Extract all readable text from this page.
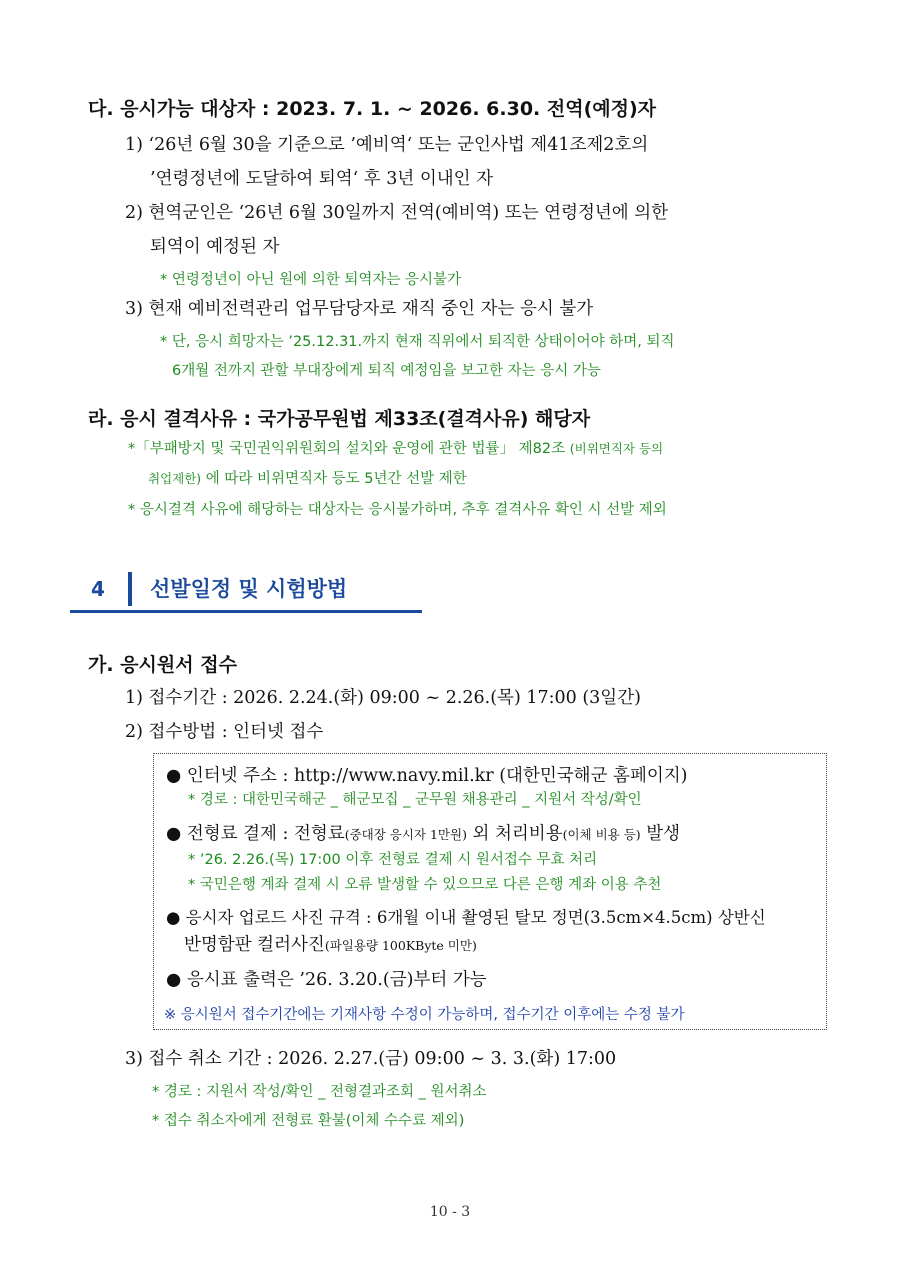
다. 응시가능 대상자 : 2023. 7. 1. ~ 2026. 6.30. 전역(예정)자
1) ‘26년 6월 30을 기준으로 ’예비역‘ 또는 군인사법 제41조제2호의
’연령정년에 도달하여 퇴역‘ 후 3년 이내인 자
2) 현역군인은 ‘26년 6월 30일까지 전역(예비역) 또는 연령정년에 의한
퇴역이 예정된 자
* 연령정년이 아닌 원에 의한 퇴역자는 응시불가
3) 현재 예비전력관리 업무담당자로 재직 중인 자는 응시 불가
* 단, 응시 희망자는 ’25.12.31.까지 현재 직위에서 퇴직한 상태이어야 하며, 퇴직
6개월 전까지 관할 부대장에게 퇴직 예정임을 보고한 자는 응시 가능
라. 응시 결격사유 : 국가공무원법 제33조(결격사유) 해당자
*「부패방지 및 국민권익위원회의 설치와 운영에 관한 법률」 제82조 (비위면직자 등의
취업제한) 에 따라 비위면직자 등도 5년간 선발 제한
* 응시결격 사유에 해당하는 대상자는 응시불가하며, 추후 결격사유 확인 시 선발 제외
4	선발일정 및 시험방법
가. 응시원서 접수
1) 접수기간 : 2026. 2.24.(화) 09:00 ~ 2.26.(목) 17:00 (3일간)
2) 접수방법 : 인터넷 접수
● 인터넷 주소 : http://www.navy.mil.kr (대한민국해군 홈페이지)
* 경로 : 대한민국해군 _ 해군모집 _ 군무원 채용관리 _ 지원서 작성/확인
● 전형료 결제 : 전형료(중대장 응시자 1만원) 외 처리비용(이체 비용 등) 발생
* ’26. 2.26.(목) 17:00 이후 전형료 결제 시 원서접수 무효 처리
* 국민은행 계좌 결제 시 오류 발생할 수 있으므로 다른 은행 계좌 이용 추천
● 응시자 업로드 사진 규격 : 6개월 이내 촬영된 탈모 정면(3.5cm×4.5cm) 상반신
반명함판 컬러사진(파일용량 100KByte 미만)
● 응시표 출력은 ’26. 3.20.(금)부터 가능
※ 응시원서 접수기간에는 기재사항 수정이 가능하며, 접수기간 이후에는 수정 불가
3) 접수 취소 기간 : 2026. 2.27.(금) 09:00 ~ 3. 3.(화) 17:00
* 경로 : 지원서 작성/확인 _ 전형결과조회 _ 원서취소
* 접수 취소자에게 전형료 환불(이체 수수료 제외)
10 - 3
